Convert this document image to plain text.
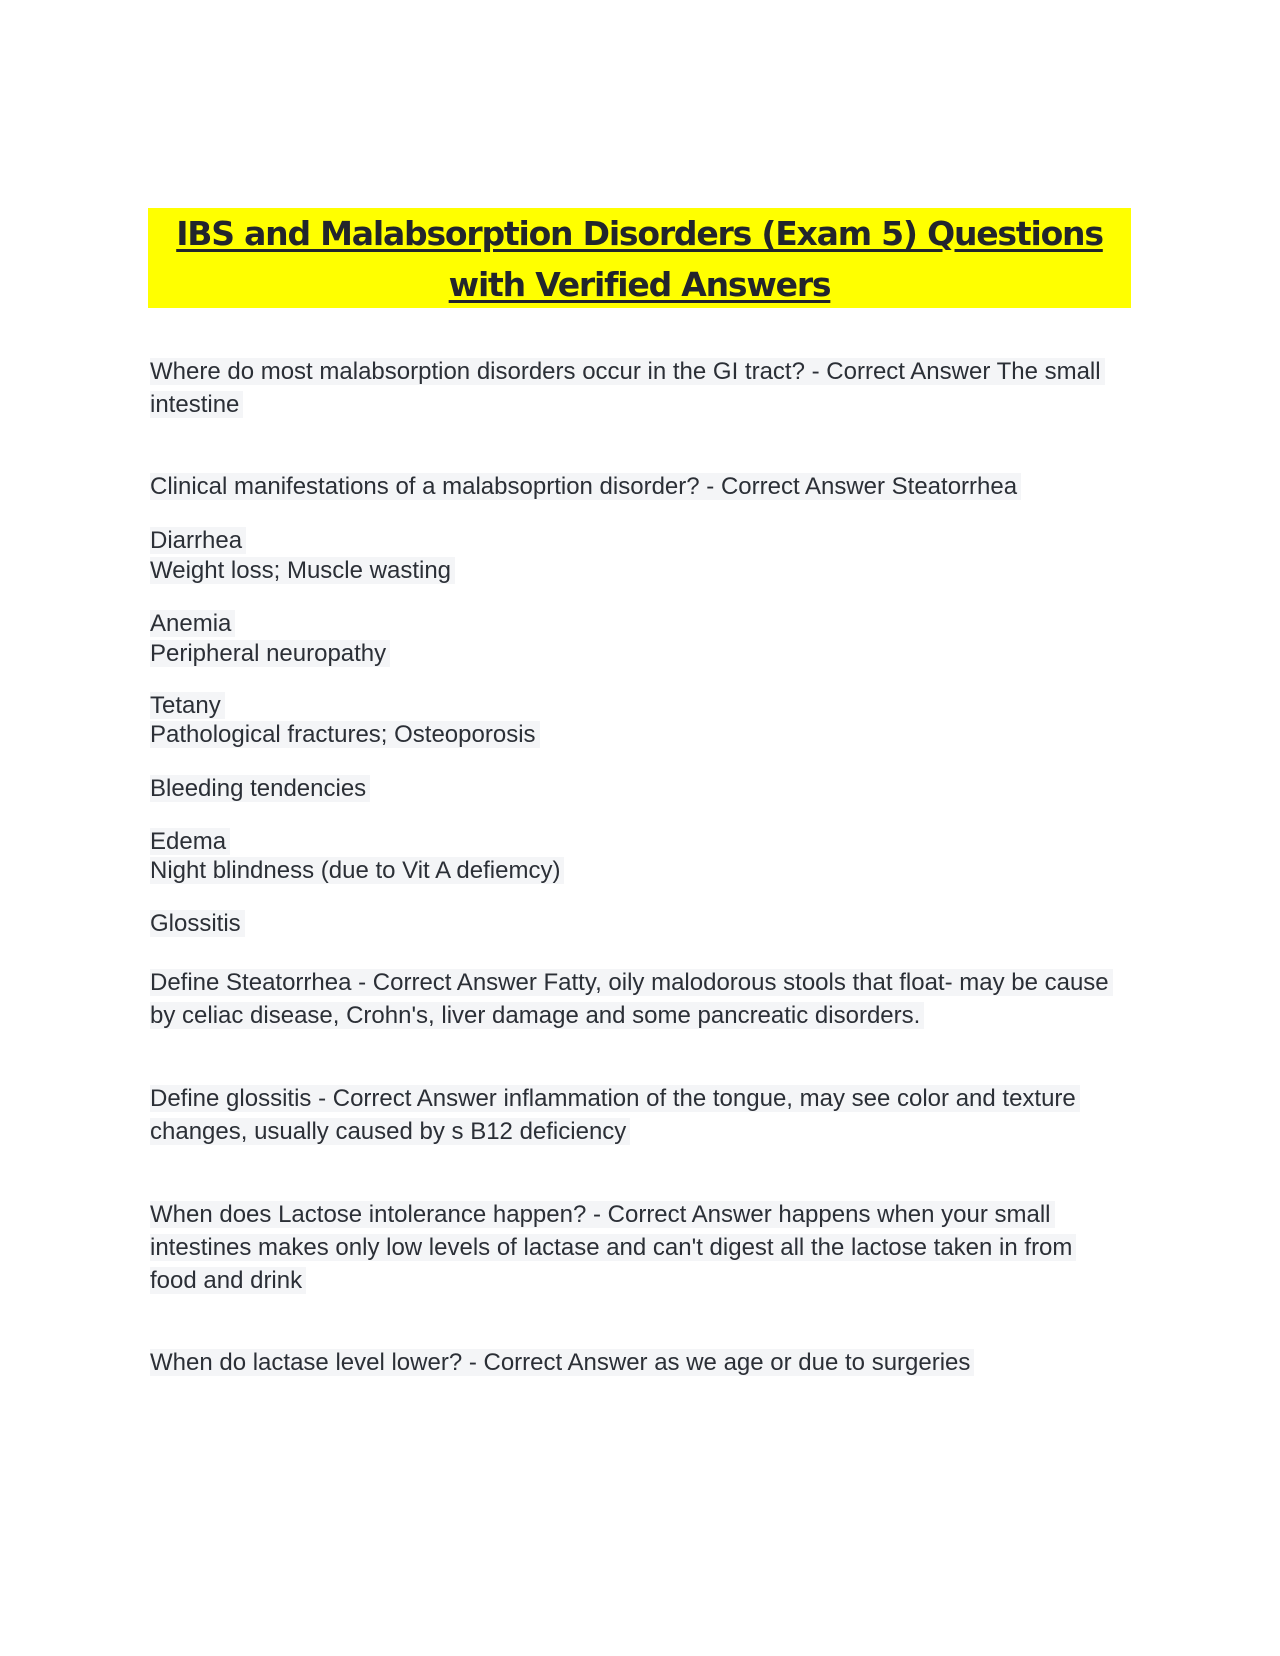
IBS and Malabsorption Disorders (Exam 5) Questions
with Verified Answers
Where do most malabsorption disorders occur in the GI tract? - Correct Answer The small
intestine
Clinical manifestations of a malabsoprtion disorder? - Correct Answer Steatorrhea
Diarrhea
Weight loss; Muscle wasting
Anemia
Peripheral neuropathy
Tetany
Pathological fractures; Osteoporosis
Bleeding tendencies
Edema
Night blindness (due to Vit A defiemcy)
Glossitis
Define Steatorrhea - Correct Answer Fatty, oily malodorous stools that float- may be cause
by celiac disease, Crohn's, liver damage and some pancreatic disorders.
Define glossitis - Correct Answer inflammation of the tongue, may see color and texture
changes, usually caused by s B12 deficiency
When does Lactose intolerance happen? - Correct Answer happens when your small
intestines makes only low levels of lactase and can't digest all the lactose taken in from
food and drink
When do lactase level lower? - Correct Answer as we age or due to surgeries
